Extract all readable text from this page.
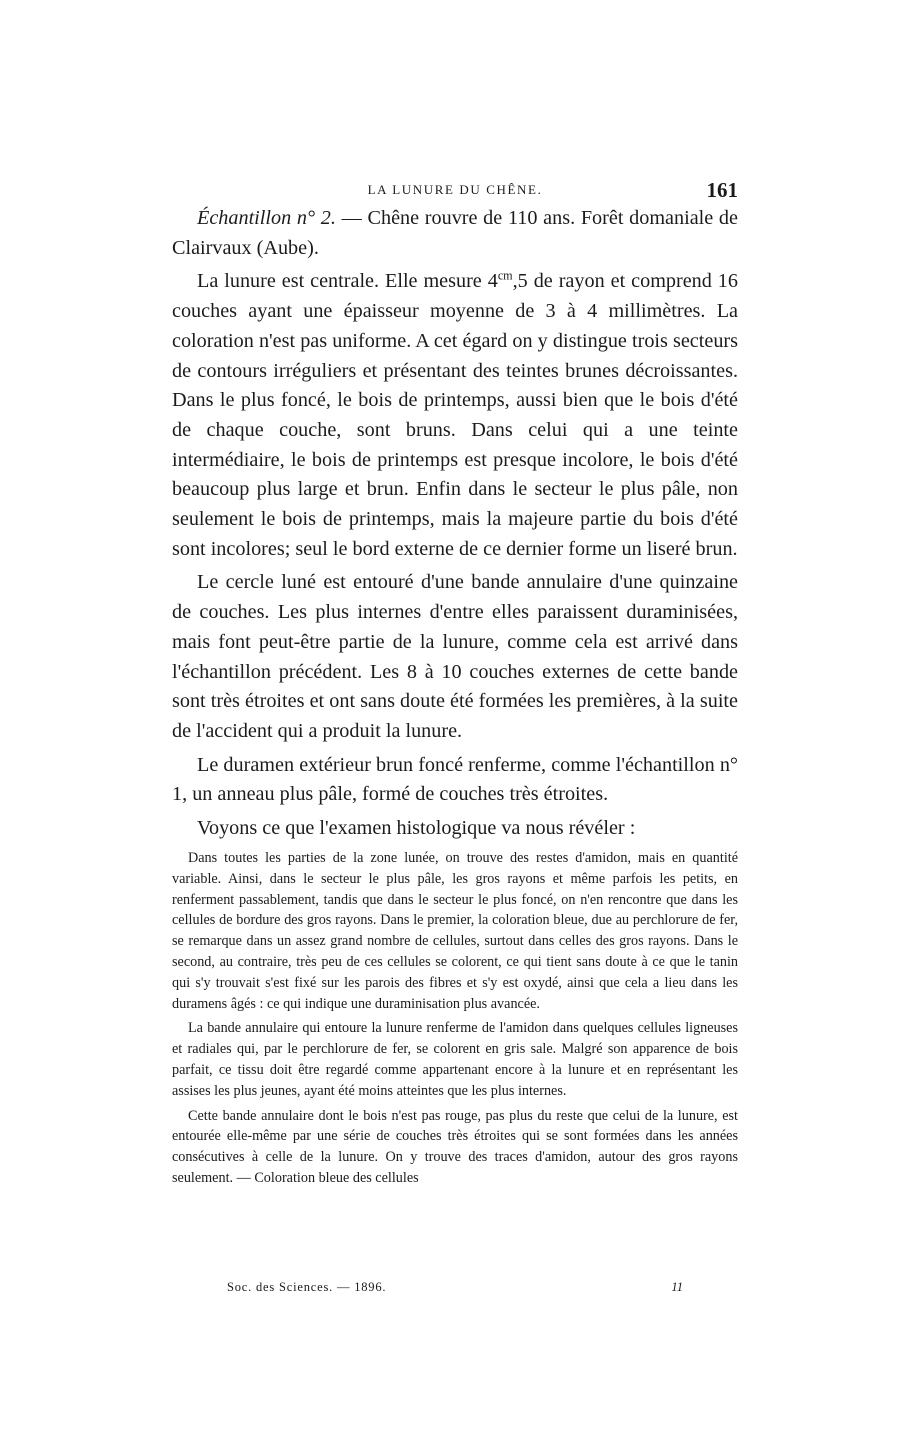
LA LUNURE DU CHÊNE.	161

Échantillon n° 2. — Chêne rouvre de 110 ans. Forêt domaniale de Clairvaux (Aube).

La lunure est centrale. Elle mesure $4^{cm},5$ de rayon et comprend 16 couches ayant une épaisseur moyenne de 3 à 4 millimètres. La coloration n'est pas uniforme. A cet égard on y distingue trois secteurs de contours irréguliers et présentant des teintes brunes décroissantes. Dans le plus foncé, le bois de printemps, aussi bien que le bois d'été de chaque couche, sont bruns. Dans celui qui a une teinte intermédiaire, le bois de printemps est presque incolore, le bois d'été beaucoup plus large et brun. Enfin dans le secteur le plus pâle, non seulement le bois de printemps, mais la majeure partie du bois d'été sont incolores; seul le bord externe de ce dernier forme un liseré brun.

Le cercle luné est entouré d'une bande annulaire d'une quinzaine de couches. Les plus internes d'entre elles paraissent duraminisées, mais font peut-être partie de la lunure, comme cela est arrivé dans l'échantillon précédent. Les 8 à 10 couches externes de cette bande sont très étroites et ont sans doute été formées les premières, à la suite de l'accident qui a produit la lunure.

Le duramen extérieur brun foncé renferme, comme l'échantillon n° 1, un anneau plus pâle, formé de couches très étroites.

Voyons ce que l'examen histologique va nous révéler :

Dans toutes les parties de la zone lunée, on trouve des restes d'amidon, mais en quantité variable. Ainsi, dans le secteur le plus pâle, les gros rayons et même parfois les petits, en renferment passablement, tandis que dans le secteur le plus foncé, on n'en rencontre que dans les cellules de bordure des gros rayons. Dans le premier, la coloration bleue, due au perchlorure de fer, se remarque dans un assez grand nombre de cellules, surtout dans celles des gros rayons. Dans le second, au contraire, très peu de ces cellules se colorent, ce qui tient sans doute à ce que le tanin qui s'y trouvait s'est fixé sur les parois des fibres et s'y est oxydé, ainsi que cela a lieu dans les duramens âgés : ce qui indique une duraminisation plus avancée.

La bande annulaire qui entoure la lunure renferme de l'amidon dans quelques cellules ligneuses et radiales qui, par le perchlorure de fer, se colorent en gris sale. Malgré son apparence de bois parfait, ce tissu doit être regardé comme appartenant encore à la lunure et en représentant les assises les plus jeunes, ayant été moins atteintes que les plus internes.

Cette bande annulaire dont le bois n'est pas rouge, pas plus du reste que celui de la lunure, est entourée elle-même par une série de couches très étroites qui se sont formées dans les années consécutives à celle de la lunure. On y trouve des traces d'amidon, autour des gros rayons seulement. — Coloration bleue des cellules

Soc. des Sciences. — 1896.	11
